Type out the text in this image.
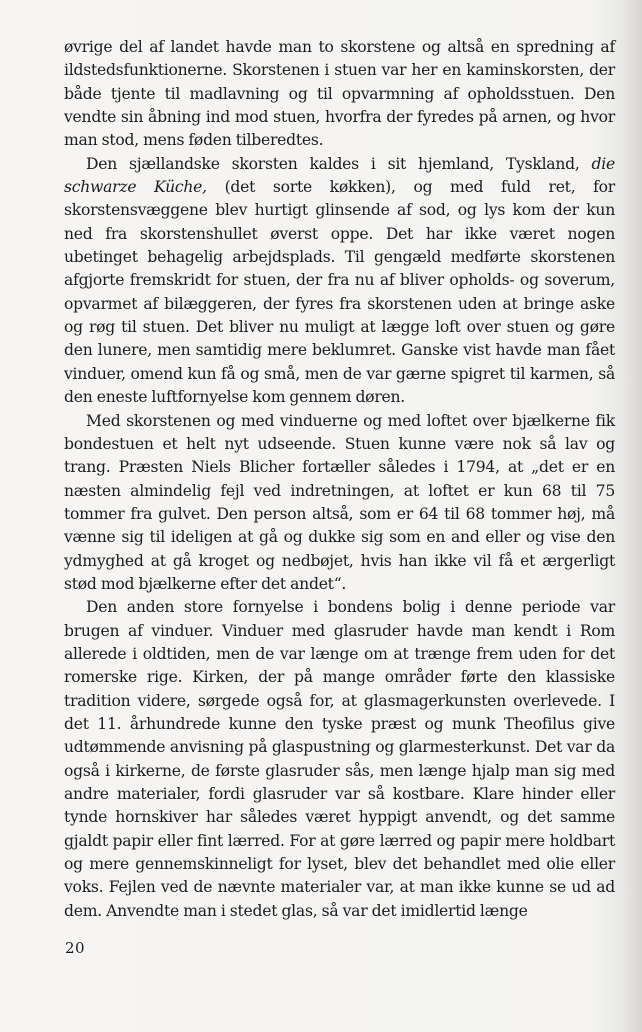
øvrige del af landet havde man to skorstene og altså en spredning af ildstedsfunktionerne. Skorstenen i stuen var her en kaminskorsten, der både tjente til madlavning og til opvarmning af opholdsstuen. Den vendte sin åbning ind mod stuen, hvorfra der fyredes på arnen, og hvor man stod, mens føden tilberedtes.

Den sjællandske skorsten kaldes i sit hjemland, Tyskland, die schwarze Küche, (det sorte køkken), og med fuld ret, for skorstensvæggene blev hurtigt glinsende af sod, og lys kom der kun ned fra skorstenshullet øverst oppe. Det har ikke været nogen ubetinget behagelig arbejdsplads. Til gengæld medførte skorstenen afgjorte fremskridt for stuen, der fra nu af bliver opholds- og soverum, opvarmet af bilæggeren, der fyres fra skorstenen uden at bringe aske og røg til stuen. Det bliver nu muligt at lægge loft over stuen og gøre den lunere, men samtidig mere beklumret. Ganske vist havde man fået vinduer, omend kun få og små, men de var gærne spigret til karmen, så den eneste luftfornyelse kom gennem døren.

Med skorstenen og med vinduerne og med loftet over bjælkerne fik bondestuen et helt nyt udseende. Stuen kunne være nok så lav og trang. Præsten Niels Blicher fortæller således i 1794, at „det er en næsten almindelig fejl ved indretningen, at loftet er kun 68 til 75 tommer fra gulvet. Den person altså, som er 64 til 68 tommer høj, må vænne sig til ideligen at gå og dukke sig som en and eller og vise den ydmyghed at gå kroget og nedbøjet, hvis han ikke vil få et ærgerligt stød mod bjælkerne efter det andet“.

Den anden store fornyelse i bondens bolig i denne periode var brugen af vinduer. Vinduer med glasruder havde man kendt i Rom allerede i oldtiden, men de var længe om at trænge frem uden for det romerske rige. Kirken, der på mange områder førte den klassiske tradition videre, sørgede også for, at glasmagerkunsten overlevede. I det 11. århundrede kunne den tyske præst og munk Theofilus give udtømmende anvisning på glaspustning og glarmesterkunst. Det var da også i kirkerne, de første glasruder sås, men længe hjalp man sig med andre materialer, fordi glasruder var så kostbare. Klare hinder eller tynde hornskiver har således været hyppigt anvendt, og det samme gjaldt papir eller fint lærred. For at gøre lærred og papir mere holdbart og mere gennemskinneligt for lyset, blev det behandlet med olie eller voks. Fejlen ved de nævnte materialer var, at man ikke kunne se ud ad dem. Anvendte man i stedet glas, så var det imidlertid længe

20
